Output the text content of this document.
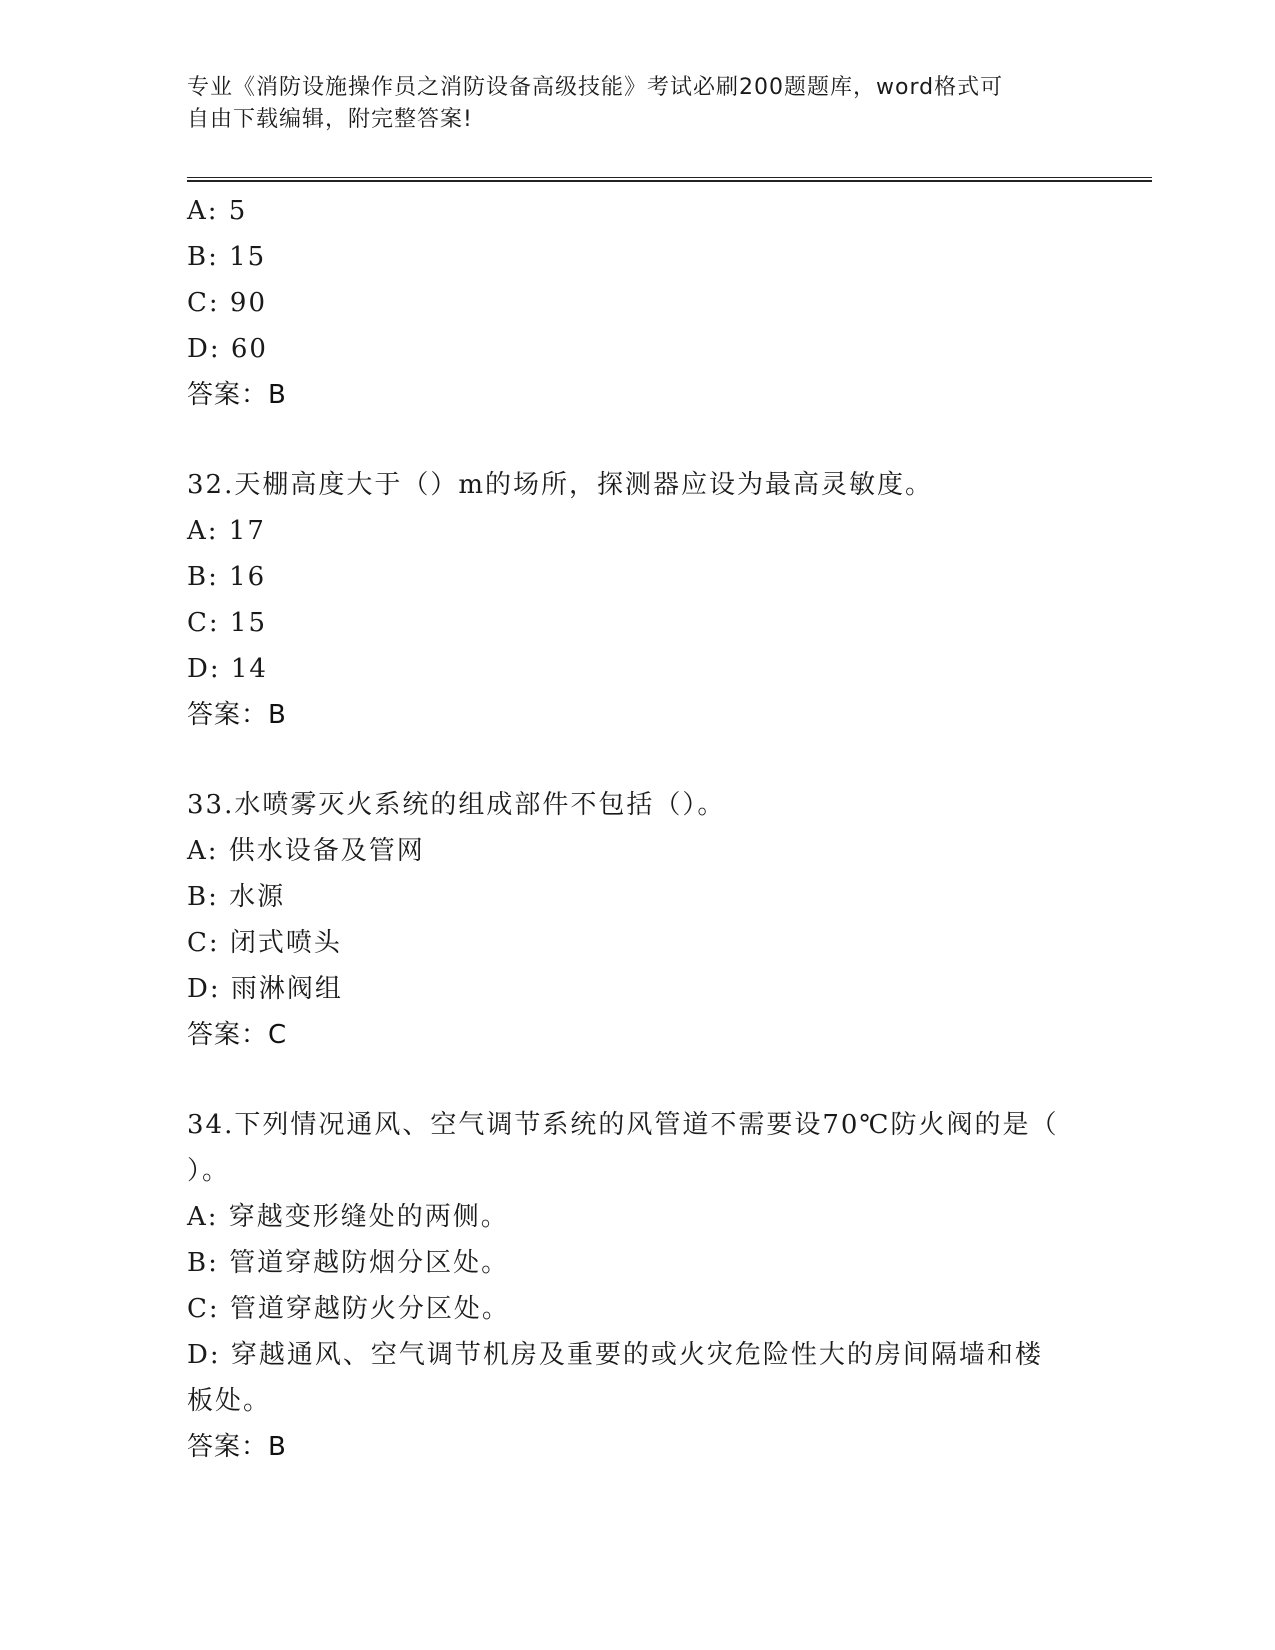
专业《消防设施操作员之消防设备高级技能》考试必刷200题题库，word格式可
自由下载编辑，附完整答案!
A: 5
B: 15
C: 90
D: 60
答案：B
32.天棚高度大于（）m的场所，探测器应设为最高灵敏度。
A: 17
B: 16
C: 15
D: 14
答案：B
33.水喷雾灭火系统的组成部件不包括（）。
A: 供水设备及管网
B: 水源
C: 闭式喷头
D: 雨淋阀组
答案：C
34.下列情况通风、空气调节系统的风管道不需要设70℃防火阀的是（
）。
A: 穿越变形缝处的两侧。
B: 管道穿越防烟分区处。
C: 管道穿越防火分区处。
D: 穿越通风、空气调节机房及重要的或火灾危险性大的房间隔墙和楼
板处。
答案：B
